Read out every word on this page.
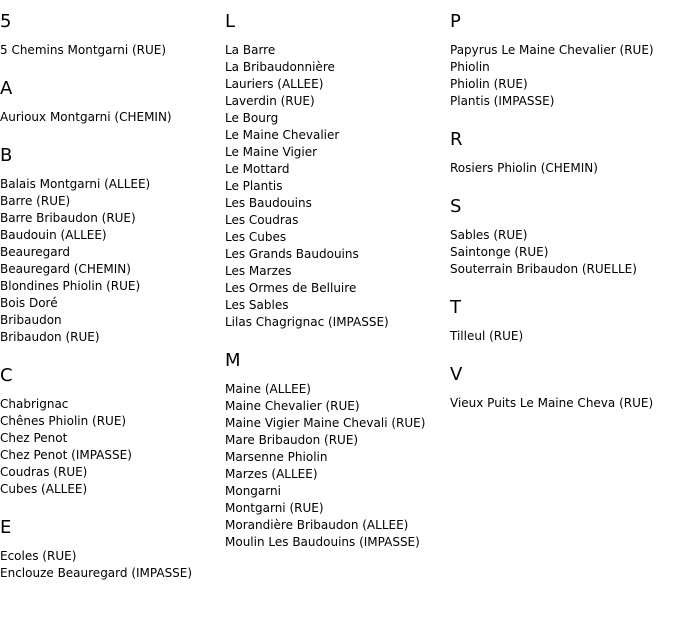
5
5 Chemins Montgarni (RUE)
A
Aurioux Montgarni (CHEMIN)
B
Balais Montgarni (ALLEE)
Barre (RUE)
Barre Bribaudon (RUE)
Baudouin (ALLEE)
Beauregard
Beauregard (CHEMIN)
Blondines Phiolin (RUE)
Bois Doré
Bribaudon
Bribaudon (RUE)
C
Chabrignac
Chênes Phiolin (RUE)
Chez Penot
Chez Penot (IMPASSE)
Coudras (RUE)
Cubes (ALLEE)
E
Ecoles (RUE)
Enclouze Beauregard (IMPASSE)
L
La Barre
La Bribaudonnière
Lauriers (ALLEE)
Laverdin (RUE)
Le Bourg
Le Maine Chevalier
Le Maine Vigier
Le Mottard
Le Plantis
Les Baudouins
Les Coudras
Les Cubes
Les Grands Baudouins
Les Marzes
Les Ormes de Belluire
Les Sables
Lilas Chagrignac (IMPASSE)
M
Maine (ALLEE)
Maine Chevalier (RUE)
Maine Vigier Maine Chevali (RUE)
Mare Bribaudon (RUE)
Marsenne Phiolin
Marzes (ALLEE)
Mongarni
Montgarni (RUE)
Morandière Bribaudon (ALLEE)
Moulin Les Baudouins (IMPASSE)
P
Papyrus Le Maine Chevalier (RUE)
Phiolin
Phiolin (RUE)
Plantis (IMPASSE)
R
Rosiers Phiolin (CHEMIN)
S
Sables (RUE)
Saintonge (RUE)
Souterrain Bribaudon (RUELLE)
T
Tilleul (RUE)
V
Vieux Puits Le Maine Cheva (RUE)
